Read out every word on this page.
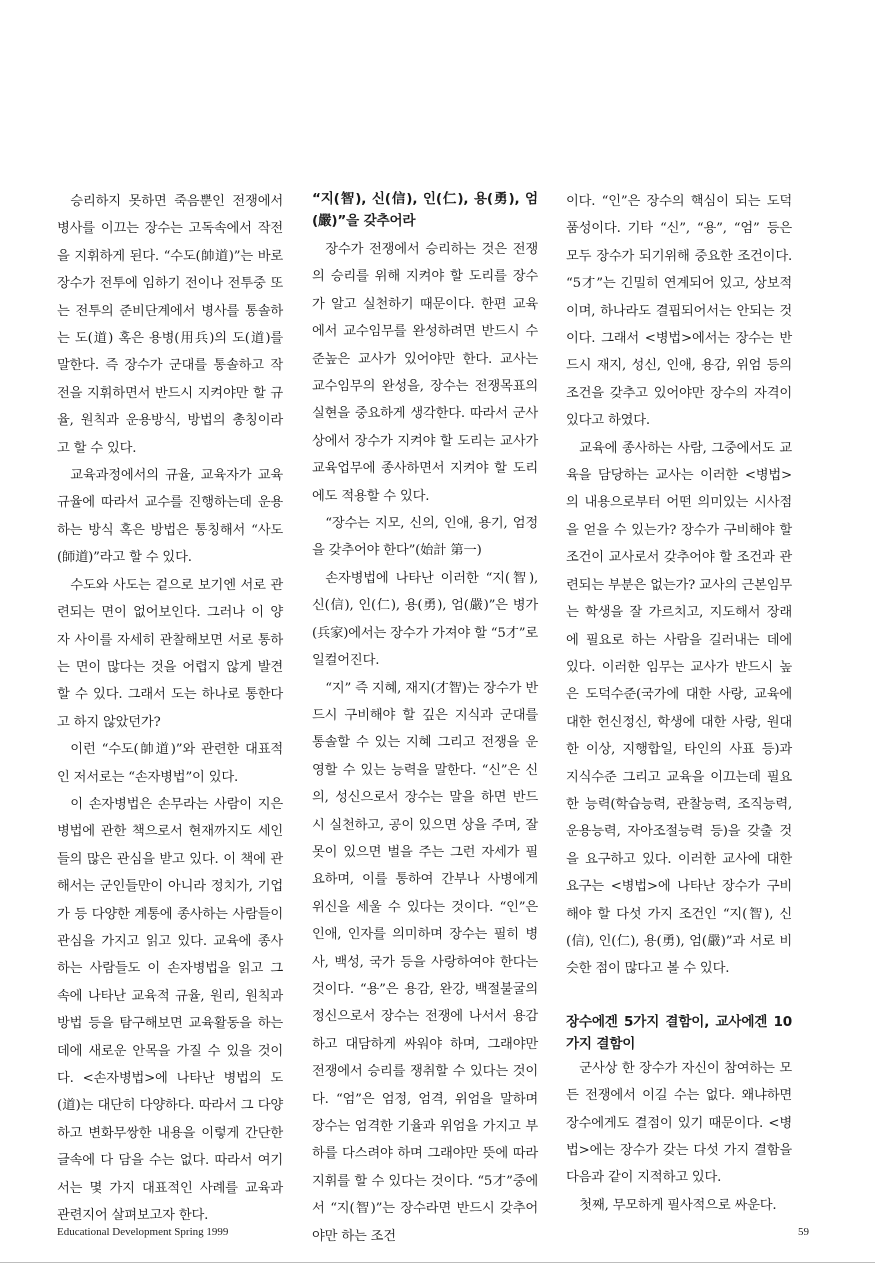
승리하지 못하면 죽음뿐인 전쟁에서 병사를 이끄는 장수는 고독속에서 작전을 지휘하게 된다. “수도(帥道)”는 바로 장수가 전투에 임하기 전이나 전투중 또는 전투의 준비단계에서 병사를 통솔하는 도(道) 혹은 용병(用兵)의 도(道)를 말한다. 즉 장수가 군대를 통솔하고 작전을 지휘하면서 반드시 지켜야만 할 규율, 원칙과 운용방식, 방법의 총칭이라고 할 수 있다.

교육과정에서의 규율, 교육자가 교육규율에 따라서 교수를 진행하는데 운용하는 방식 혹은 방법은 통칭해서 “사도(師道)”라고 할 수 있다.

수도와 사도는 겉으로 보기엔 서로 관련되는 면이 없어보인다. 그러나 이 양자 사이를 자세히 관찰해보면 서로 통하는 면이 많다는 것을 어렵지 않게 발견할 수 있다. 그래서 도는 하나로 통한다고 하지 않았던가?

이런 “수도(帥道)”와 관련한 대표적인 저서로는 “손자병법”이 있다.

이 손자병법은 손무라는 사람이 지은 병법에 관한 책으로서 현재까지도 세인들의 많은 관심을 받고 있다. 이 책에 관해서는 군인들만이 아니라 정치가, 기업가 등 다양한 계통에 종사하는 사람들이 관심을 가지고 읽고 있다. 교육에 종사하는 사람들도 이 손자병법을 읽고 그 속에 나타난 교육적 규율, 원리, 원칙과 방법 등을 탐구해보면 교육활동을 하는 데에 새로운 안목을 가질 수 있을 것이다. <손자병법>에 나타난 병법의 도(道)는 대단히 다양하다. 따라서 그 다양하고 변화무쌍한 내용을 이렇게 간단한 글속에 다 담을 수는 없다. 따라서 여기서는 몇 가지 대표적인 사례를 교육과 관련지어 살펴보고자 한다.

“지(智), 신(信), 인(仁), 용(勇), 엄(嚴)”을 갖추어라

장수가 전쟁에서 승리하는 것은 전쟁의 승리를 위해 지켜야 할 도리를 장수가 알고 실천하기 때문이다. 한편 교육에서 교수임무를 완성하려면 반드시 수준높은 교사가 있어야만 한다. 교사는 교수임무의 완성을, 장수는 전쟁목표의 실현을 중요하게 생각한다. 따라서 군사상에서 장수가 지켜야 할 도리는 교사가 교육업무에 종사하면서 지켜야 할 도리에도 적용할 수 있다.

“장수는 지모, 신의, 인애, 용기, 엄정을 갖추어야 한다”(始計 第一)

손자병법에 나타난 이러한 “지(智), 신(信), 인(仁), 용(勇), 엄(嚴)”은 병가(兵家)에서는 장수가 가져야 할 “5才”로 일컬어진다.

“지” 즉 지혜, 재지(才智)는 장수가 반드시 구비해야 할 깊은 지식과 군대를 통솔할 수 있는 지혜 그리고 전쟁을 운영할 수 있는 능력을 말한다. “신”은 신의, 성신으로서 장수는 말을 하면 반드시 실천하고, 공이 있으면 상을 주며, 잘못이 있으면 벌을 주는 그런 자세가 필요하며, 이를 통하여 간부나 사병에게 위신을 세울 수 있다는 것이다. “인”은 인애, 인자를 의미하며 장수는 필히 병사, 백성, 국가 등을 사랑하여야 한다는 것이다. “용”은 용감, 완강, 백절불굴의 정신으로서 장수는 전쟁에 나서서 용감하고 대담하게 싸워야 하며, 그래야만 전쟁에서 승리를 쟁취할 수 있다는 것이다. “엄”은 엄정, 엄격, 위엄을 말하며 장수는 엄격한 기율과 위엄을 가지고 부하를 다스려야 하며 그래야만 뜻에 따라 지휘를 할 수 있다는 것이다. “5才”중에서 “지(智)”는 장수라면 반드시 갖추어야만 하는 조건

이다. “인”은 장수의 핵심이 되는 도덕품성이다. 기타 “신”, “용”, “엄” 등은 모두 장수가 되기위해 중요한 조건이다. “5才”는 긴밀히 연계되어 있고, 상보적이며, 하나라도 결핍되어서는 안되는 것이다. 그래서 <병법>에서는 장수는 반드시 재지, 성신, 인애, 용감, 위엄 등의 조건을 갖추고 있어야만 장수의 자격이 있다고 하였다.

교육에 종사하는 사람, 그중에서도 교육을 담당하는 교사는 이러한 <병법>의 내용으로부터 어떤 의미있는 시사점을 얻을 수 있는가? 장수가 구비해야 할 조건이 교사로서 갖추어야 할 조건과 관련되는 부분은 없는가? 교사의 근본임무는 학생을 잘 가르치고, 지도해서 장래에 필요로 하는 사람을 길러내는 데에 있다. 이러한 임무는 교사가 반드시 높은 도덕수준(국가에 대한 사랑, 교육에 대한 헌신정신, 학생에 대한 사랑, 원대한 이상, 지행합일, 타인의 사표 등)과 지식수준 그리고 교육을 이끄는데 필요한 능력(학습능력, 관찰능력, 조직능력, 운용능력, 자아조절능력 등)을 갖출 것을 요구하고 있다. 이러한 교사에 대한 요구는 <병법>에 나타난 장수가 구비해야 할 다섯 가지 조건인 “지(智), 신(信), 인(仁), 용(勇), 엄(嚴)”과 서로 비슷한 점이 많다고 볼 수 있다.

장수에겐 5가지 결함이, 교사에겐 10가지 결함이

군사상 한 장수가 자신이 참여하는 모든 전쟁에서 이길 수는 없다. 왜냐하면 장수에게도 결점이 있기 때문이다. <병법>에는 장수가 갖는 다섯 가지 결함을 다음과 같이 지적하고 있다.

첫째, 무모하게 필사적으로 싸운다.

Educational Development Spring 1999	59
